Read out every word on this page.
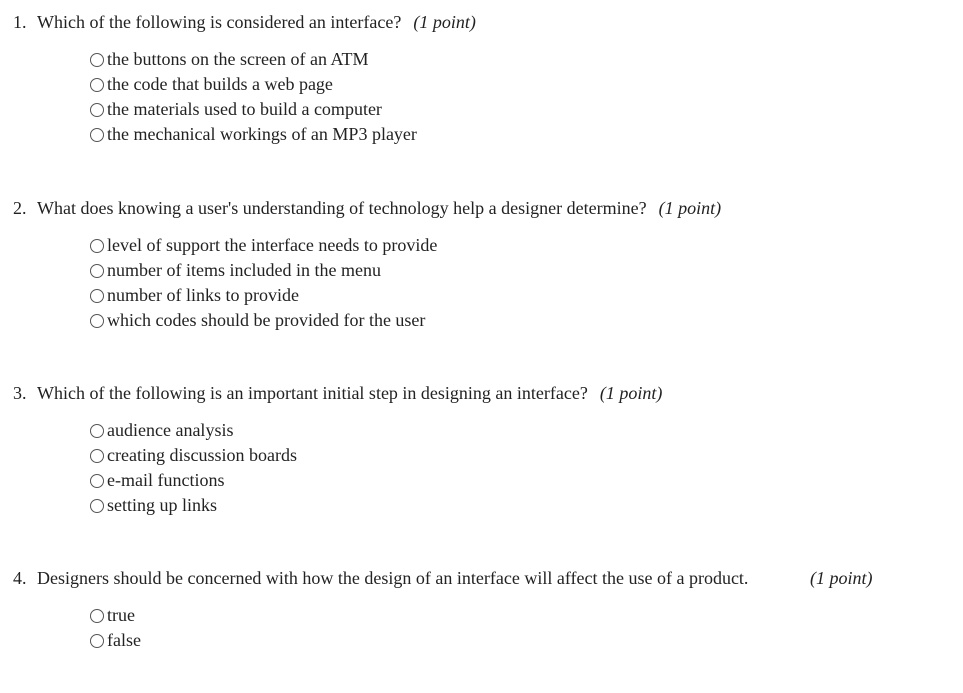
1. Which of the following is considered an interface? (1 point)
the buttons on the screen of an ATM
the code that builds a web page
the materials used to build a computer
the mechanical workings of an MP3 player
2. What does knowing a user's understanding of technology help a designer determine? (1 point)
level of support the interface needs to provide
number of items included in the menu
number of links to provide
which codes should be provided for the user
3. Which of the following is an important initial step in designing an interface? (1 point)
audience analysis
creating discussion boards
e-mail functions
setting up links
4. Designers should be concerned with how the design of an interface will affect the use of a product.	(1 point)
true
false
